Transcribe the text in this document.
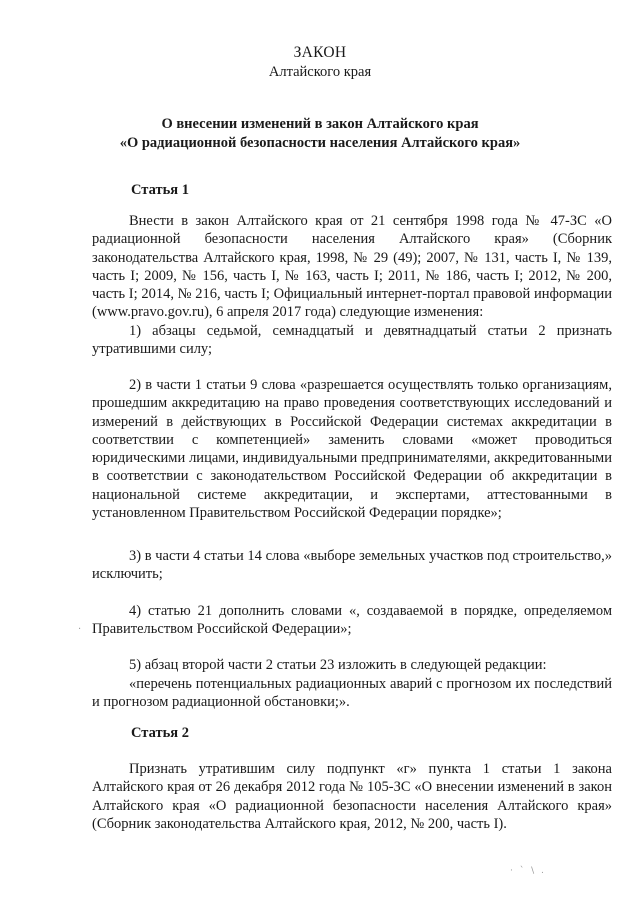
ЗАКОН
Алтайского края
О внесении изменений в закон Алтайского края
«О радиационной безопасности населения Алтайского края»
Статья 1

Внести в закон Алтайского края от 21 сентября 1998 года № 47-ЗС «О радиационной безопасности населения Алтайского края» (Сборник законодательства Алтайского края, 1998, № 29 (49); 2007, № 131, часть I, № 139, часть I; 2009, № 156, часть I, № 163, часть I; 2011, № 186, часть I; 2012, № 200, часть I; 2014, № 216, часть I; Официальный интернет-портал правовой информации (www.pravo.gov.ru), 6 апреля 2017 года) следующие изменения:

1) абзацы седьмой, семнадцатый и девятнадцатый статьи 2 признать утратившими силу;

2) в части 1 статьи 9 слова «разрешается осуществлять только организациям, прошедшим аккредитацию на право проведения соответствующих исследований и измерений в действующих в Российской Федерации системах аккредитации в соответствии с компетенцией» заменить словами «может проводиться юридическими лицами, индивидуальными предпринимателями, аккредитованными в соответствии с законодательством Российской Федерации об аккредитации в национальной системе аккредитации, и экспертами, аттестованными в установленном Правительством Российской Федерации порядке»;

3) в части 4 статьи 14 слова «выборе земельных участков под строительство,» исключить;

4) статью 21 дополнить словами «, создаваемой в порядке, определяемом Правительством Российской Федерации»;

5) абзац второй части 2 статьи 23 изложить в следующей редакции:

«перечень потенциальных радиационных аварий с прогнозом их последствий и прогнозом радиационной обстановки;».

Статья 2

Признать утратившим силу подпункт «г» пункта 1 статьи 1 закона Алтайского края от 26 декабря 2012 года № 105-ЗС «О внесении изменений в закон Алтайского края «О радиационной безопасности населения Алтайского края» (Сборник законодательства Алтайского края, 2012, № 200, часть I).

·
· ` \ .
